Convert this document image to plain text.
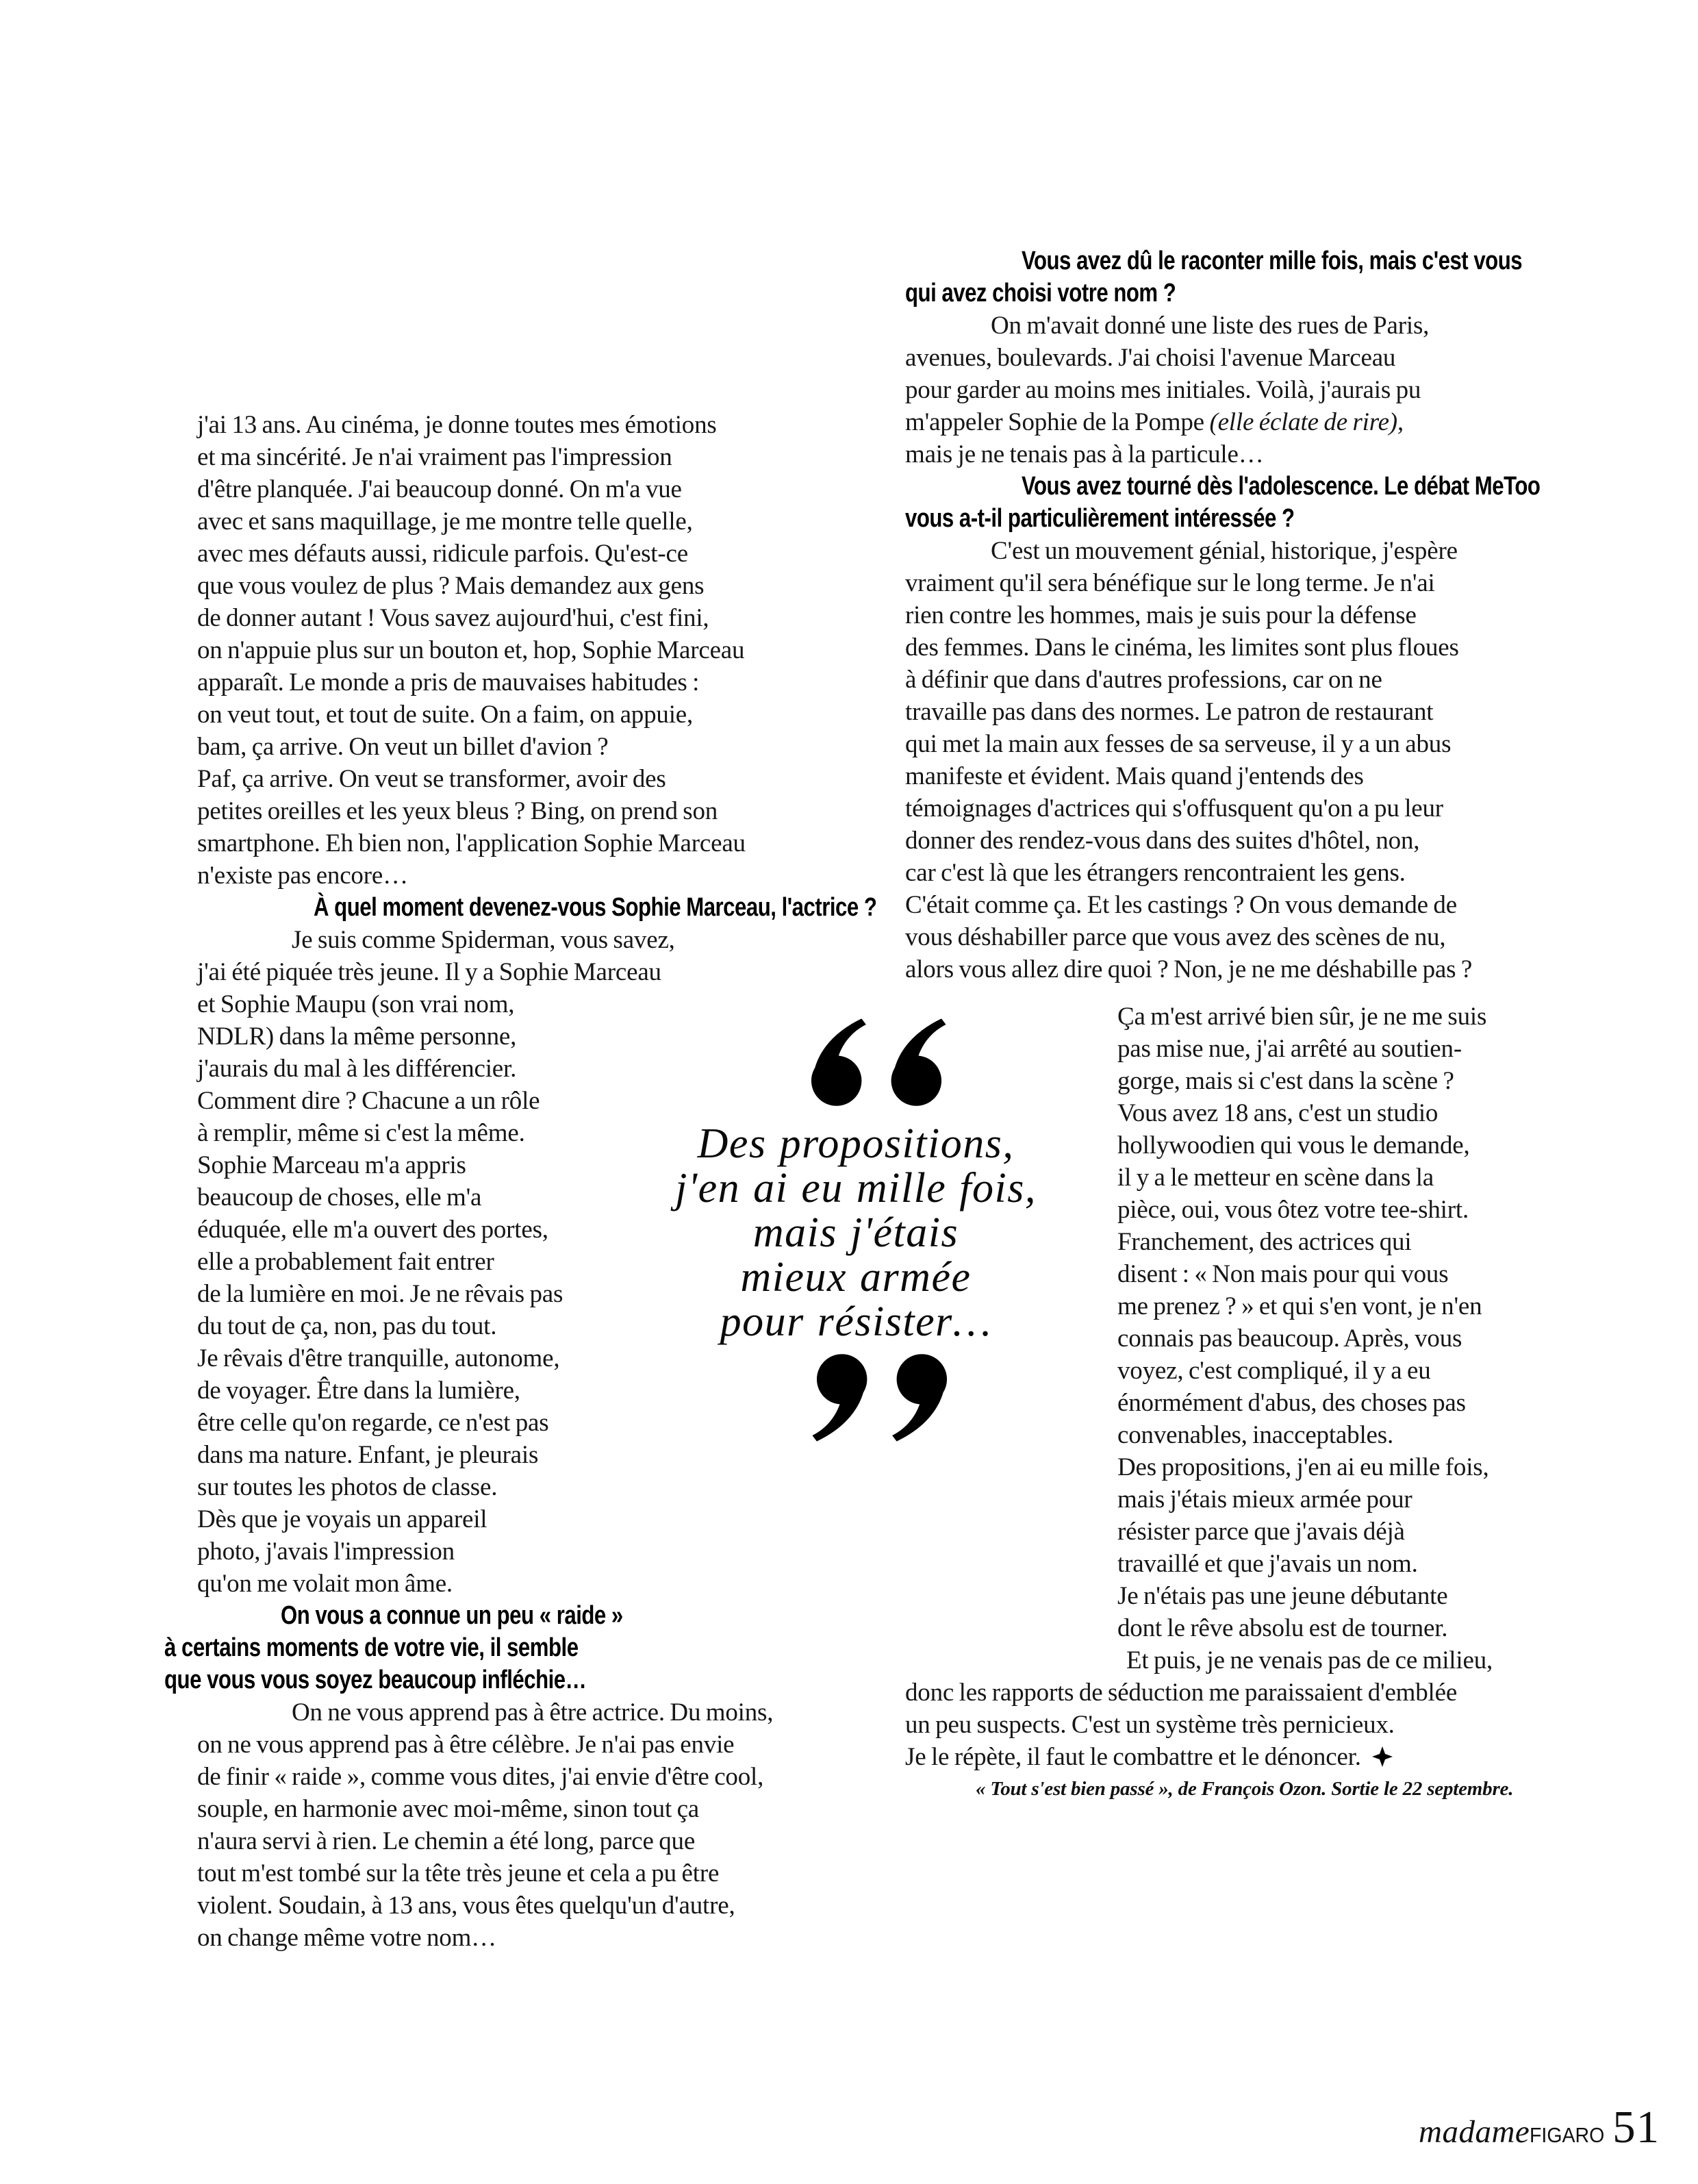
j'ai 13 ans. Au cinéma, je donne toutes mes émotions
et ma sincérité. Je n'ai vraiment pas l'impression
d'être planquée. J'ai beaucoup donné. On m'a vue
avec et sans maquillage, je me montre telle quelle,
avec mes défauts aussi, ridicule parfois. Qu'est-ce
que vous voulez de plus ? Mais demandez aux gens
de donner autant ! Vous savez aujourd'hui, c'est fini,
on n'appuie plus sur un bouton et, hop, Sophie Marceau
apparaît. Le monde a pris de mauvaises habitudes :
on veut tout, et tout de suite. On a faim, on appuie,
bam, ça arrive. On veut un billet d'avion ?
Paf, ça arrive. On veut se transformer, avoir des
petites oreilles et les yeux bleus ? Bing, on prend son
smartphone. Eh bien non, l'application Sophie Marceau
n'existe pas encore…
À quel moment devenez-vous Sophie Marceau, l'actrice ?
Je suis comme Spiderman, vous savez,
j'ai été piquée très jeune. Il y a Sophie Marceau
et Sophie Maupu (son vrai nom,
NDLR) dans la même personne,
j'aurais du mal à les différencier.
Comment dire ? Chacune a un rôle
à remplir, même si c'est la même.
Sophie Marceau m'a appris
beaucoup de choses, elle m'a
éduquée, elle m'a ouvert des portes,
elle a probablement fait entrer
de la lumière en moi. Je ne rêvais pas
du tout de ça, non, pas du tout.
Je rêvais d'être tranquille, autonome,
de voyager. Être dans la lumière,
être celle qu'on regarde, ce n'est pas
dans ma nature. Enfant, je pleurais
sur toutes les photos de classe.
Dès que je voyais un appareil
photo, j'avais l'impression
qu'on me volait mon âme.
On vous a connue un peu « raide »
à certains moments de votre vie, il semble
que vous vous soyez beaucoup infléchie…
On ne vous apprend pas à être actrice. Du moins,
on ne vous apprend pas à être célèbre. Je n'ai pas envie
de finir « raide », comme vous dites, j'ai envie d'être cool,
souple, en harmonie avec moi-même, sinon tout ça
n'aura servi à rien. Le chemin a été long, parce que
tout m'est tombé sur la tête très jeune et cela a pu être
violent. Soudain, à 13 ans, vous êtes quelqu'un d'autre,
on change même votre nom…
Vous avez dû le raconter mille fois, mais c'est vous
qui avez choisi votre nom ?
On m'avait donné une liste des rues de Paris,
avenues, boulevards. J'ai choisi l'avenue Marceau
pour garder au moins mes initiales. Voilà, j'aurais pu
m'appeler Sophie de la Pompe (elle éclate de rire),
mais je ne tenais pas à la particule…
Vous avez tourné dès l'adolescence. Le débat MeToo
vous a-t-il particulièrement intéressée ?
C'est un mouvement génial, historique, j'espère
vraiment qu'il sera bénéfique sur le long terme. Je n'ai
rien contre les hommes, mais je suis pour la défense
des femmes. Dans le cinéma, les limites sont plus floues
à définir que dans d'autres professions, car on ne
travaille pas dans des normes. Le patron de restaurant
qui met la main aux fesses de sa serveuse, il y a un abus
manifeste et évident. Mais quand j'entends des
témoignages d'actrices qui s'offusquent qu'on a pu leur
donner des rendez-vous dans des suites d'hôtel, non,
car c'est là que les étrangers rencontraient les gens.
C'était comme ça. Et les castings ? On vous demande de
vous déshabiller parce que vous avez des scènes de nu,
alors vous allez dire quoi ? Non, je ne me déshabille pas ?
Ça m'est arrivé bien sûr, je ne me suis
pas mise nue, j'ai arrêté au soutien-
gorge, mais si c'est dans la scène ?
Vous avez 18 ans, c'est un studio
hollywoodien qui vous le demande,
il y a le metteur en scène dans la
pièce, oui, vous ôtez votre tee-shirt.
Franchement, des actrices qui
disent : « Non mais pour qui vous
me prenez ? » et qui s'en vont, je n'en
connais pas beaucoup. Après, vous
voyez, c'est compliqué, il y a eu
énormément d'abus, des choses pas
convenables, inacceptables.
Des propositions, j'en ai eu mille fois,
mais j'étais mieux armée pour
résister parce que j'avais déjà
travaillé et que j'avais un nom.
Je n'étais pas une jeune débutante
dont le rêve absolu est de tourner.
Et puis, je ne venais pas de ce milieu,
donc les rapports de séduction me paraissaient d'emblée
un peu suspects. C'est un système très pernicieux.
Je le répète, il faut le combattre et le dénoncer.
« Tout s'est bien passé », de François Ozon. Sortie le 22 septembre.
Des propositions,
j'en ai eu mille fois,
mais j'étais
mieux armée
pour résister…
madame FIGARO 51
